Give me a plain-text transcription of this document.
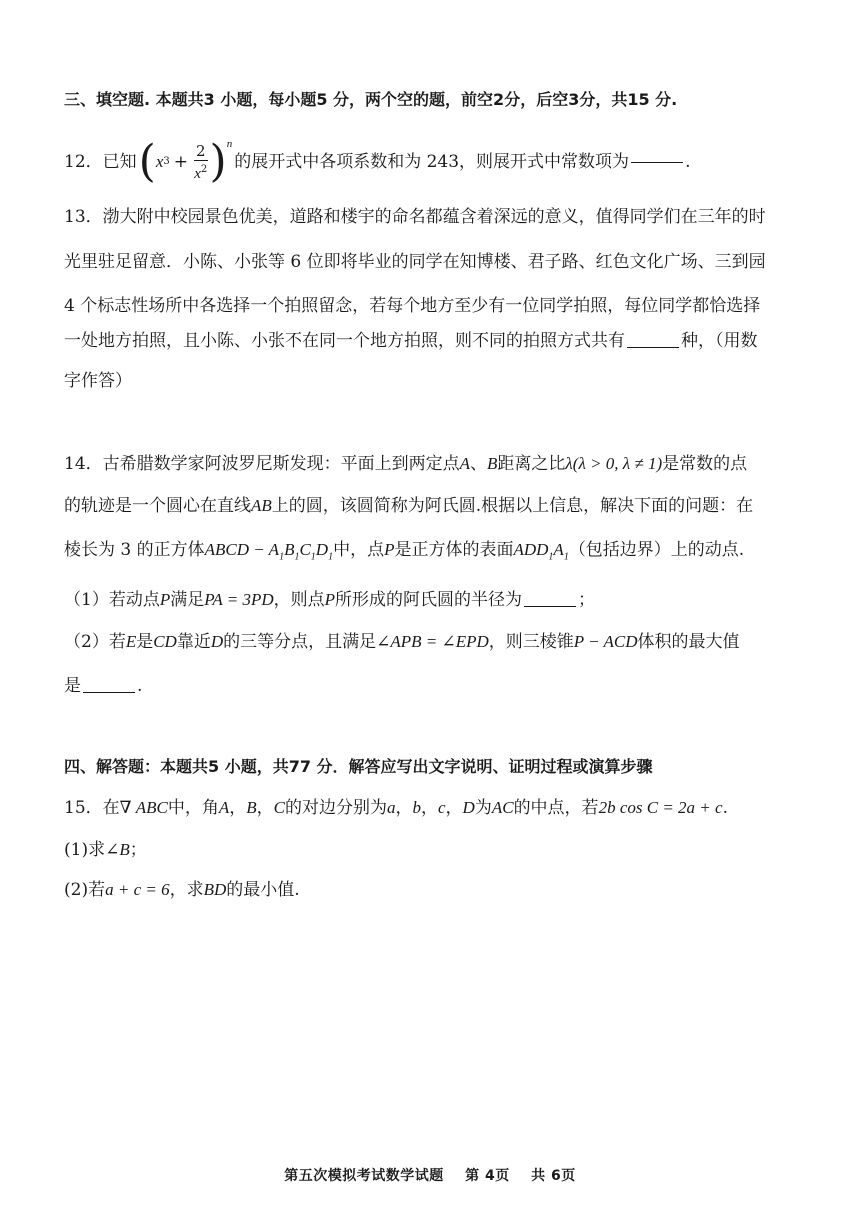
三、填空题. 本题共3 小题，每小题5 分，两个空的题，前空2分，后空3分，共15 分.
12． 已知 ( x $3 + \frac{2}{x^2}$ ) n
的展开式中各项系数和为 243，则展开式中常数项为	.
13．渤大附中校园景色优美，道路和楼宇的命名都蕴含着深远的意义，值得同学们在三年的时
光里驻足留意．小陈、小张等 6 位即将毕业的同学在知博楼、君子路、红色文化广场、三到园
4 个标志性场所中各选择一个拍照留念，若每个地方至少有一位同学拍照，每位同学都恰选择
一处地方拍照，且小陈、小张不在同一个地方拍照，则不同的拍照方式共有	种，（用数
字作答）
14．古希腊数学家阿波罗尼斯发现：平面上到两定点A、B距离之比λ(λ > 0, λ ≠ 1)是常数的点
的轨迹是一个圆心在直线AB上的圆，该圆简称为阿氏圆.根据以上信息，解决下面的问题：在
棱长为 3 的正方体ABCD − $A_1B_1C_1D_1$中，点P是正方体的表面$ADD_1A_1$（包括边界）上的动点.
（1）若动点P满足PA = 3PD，则点P所形成的阿氏圆的半径为	；
（2）若E是CD靠近D的三等分点，且满足∠APB = ∠EPD，则三棱锥P − ACD体积的最大值
是	.
四、解答题：本题共5 小题，共77 分．解答应写出文字说明、证明过程或演算步骤
15．在∇ ABC中，角A，B，C的对边分别为a，b，c，D为AC的中点，若2b cos C = 2a + c.
(1)求∠B；
(2)若a + c = 6，求BD的最小值.
第五次模拟考试数学试题 第 4页 共 6页
